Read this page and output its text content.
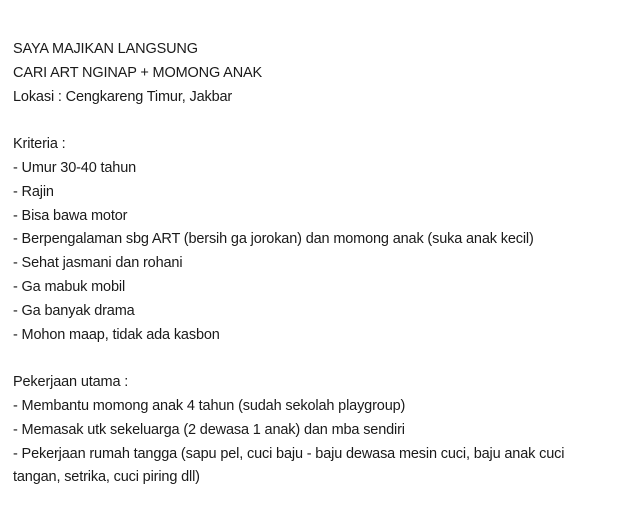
SAYA MAJIKAN LANGSUNG
CARI ART NGINAP + MOMONG ANAK
Lokasi : Cengkareng Timur, Jakbar
Kriteria :
- Umur 30-40 tahun
- Rajin
- Bisa bawa motor
- Berpengalaman sbg ART (bersih ga jorokan) dan momong anak (suka anak kecil)
- Sehat jasmani dan rohani
- Ga mabuk mobil
- Ga banyak drama
- Mohon maap, tidak ada kasbon
Pekerjaan utama :
- Membantu momong anak 4 tahun (sudah sekolah playgroup)
- Memasak utk sekeluarga (2 dewasa 1 anak) dan mba sendiri
- Pekerjaan rumah tangga (sapu pel, cuci baju - baju dewasa mesin cuci, baju anak cuci tangan, setrika, cuci piring dll)
